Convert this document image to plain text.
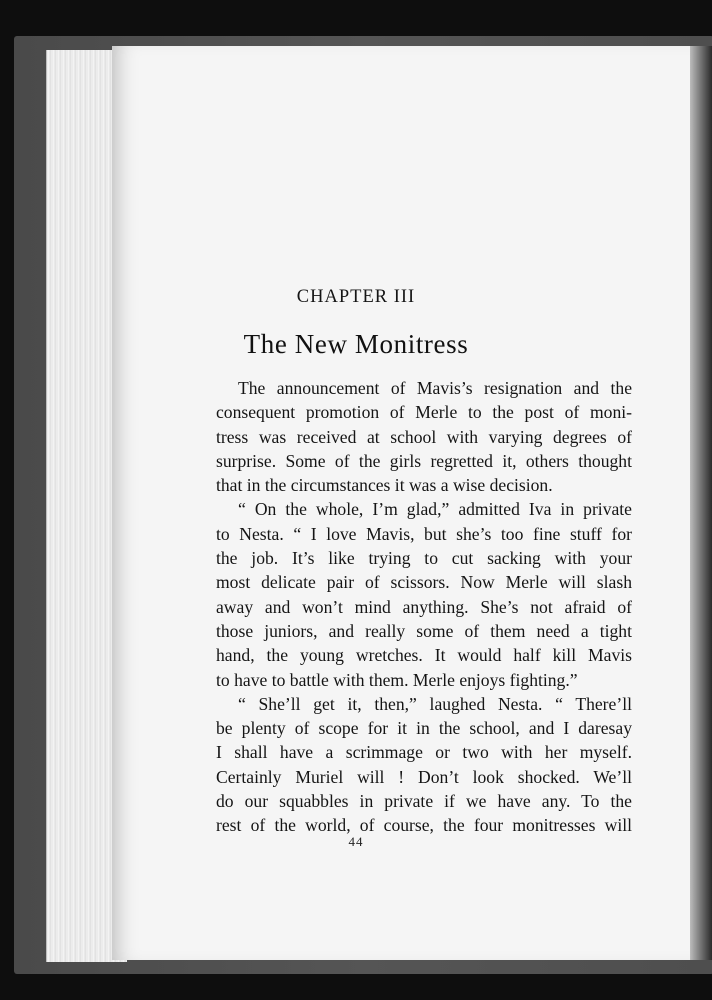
CHAPTER III
The New Monitress
The announcement of Mavis’s resignation and the
consequent promotion of Merle to the post of moni-
tress was received at school with varying degrees of
surprise. Some of the girls regretted it, others thought
that in the circumstances it was a wise decision.
“ On the whole, I’m glad,” admitted Iva in private
to Nesta. “ I love Mavis, but she’s too fine stuff for
the job. It’s like trying to cut sacking with your
most delicate pair of scissors. Now Merle will slash
away and won’t mind anything. She’s not afraid of
those juniors, and really some of them need a tight
hand, the young wretches. It would half kill Mavis
to have to battle with them. Merle enjoys fighting.”
“ She’ll get it, then,” laughed Nesta. “ There’ll
be plenty of scope for it in the school, and I daresay
I shall have a scrimmage or two with her myself.
Certainly Muriel will ! Don’t look shocked. We’ll
do our squabbles in private if we have any. To the
rest of the world, of course, the four monitresses will
44
